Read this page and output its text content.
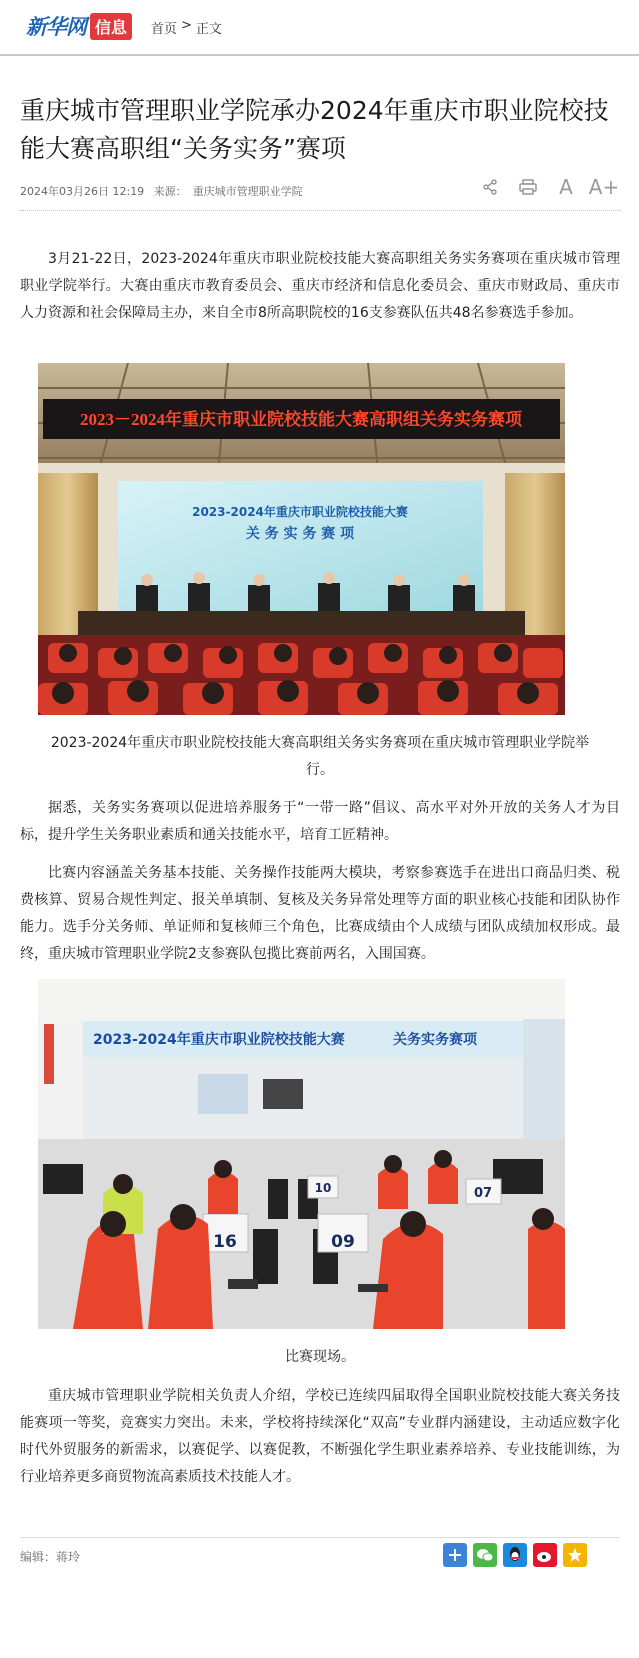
新华网 信息	首页 > 正文
重庆城市管理职业学院承办2024年重庆市职业院校技能大赛高职组“关务实务”赛项
2024年03月26日 12:19 来源： 重庆城市管理职业学院	A A+

3月21-22日，2023-2024年重庆市职业院校技能大赛高职组关务实务赛项在重庆城市管理职业学院举行。大赛由重庆市教育委员会、重庆市经济和信息化委员会、重庆市财政局、重庆市人力资源和社会保障局主办，来自全市8所高职院校的16支参赛队伍共48名参赛选手参加。

2023－2024年重庆市职业院校技能大赛高职组关务实务赛项
2023-2024年重庆市职业院校技能大赛
关 务 实 务 赛 项

2023-2024年重庆市职业院校技能大赛高职组关务实务赛项在重庆城市管理职业学院举行。

据悉，关务实务赛项以促进培养服务于“一带一路”倡议、高水平对外开放的关务人才为目标，提升学生关务职业素质和通关技能水平，培育工匠精神。

比赛内容涵盖关务基本技能、关务操作技能两大模块，考察参赛选手在进出口商品归类、税费核算、贸易合规性判定、报关单填制、复核及关务异常处理等方面的职业核心技能和团队协作能力。选手分关务师、单证师和复核师三个角色，比赛成绩由个人成绩与团队成绩加权形成。最终，重庆城市管理职业学院2支参赛队包揽比赛前两名，入围国赛。

2023-2024年重庆市职业院校技能大赛	关务实务赛项
16	09
07
10

比赛现场。

重庆城市管理职业学院相关负责人介绍，学校已连续四届取得全国职业院校技能大赛关务技能赛项一等奖，竞赛实力突出。未来，学校将持续深化“双高”专业群内涵建设，主动适应数字化时代外贸服务的新需求，以赛促学、以赛促教，不断强化学生职业素养培养、专业技能训练，为行业培养更多商贸物流高素质技术技能人才。

编辑：蒋玲
